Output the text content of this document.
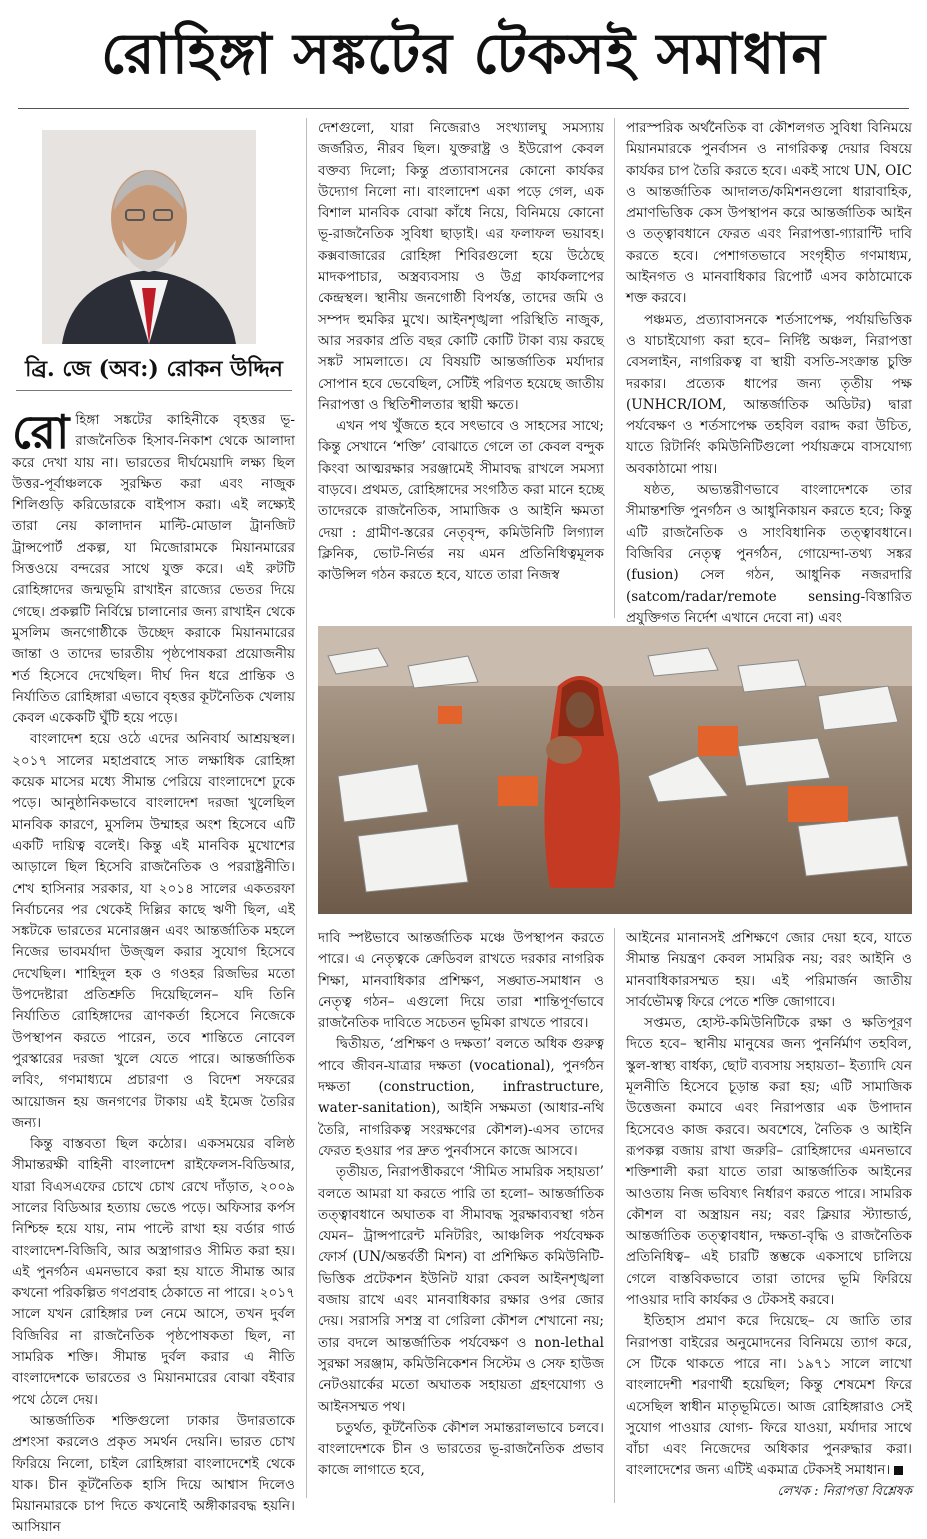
রোহিঙ্গা সঙ্কটের টেকসই সমাধান
ব্রি. জে (অব:) রোকন উদ্দিন

রোহিঙ্গা সঙ্কটের কাহিনীকে বৃহত্তর ভূ-রাজনৈতিক হিসাব-নিকাশ থেকে আলাদা করে দেখা যায় না। ভারতের দীর্ঘমেয়াদি লক্ষ্য ছিল উত্তর-পূর্বাঞ্চলকে সুরক্ষিত করা এবং নাজুক শিলিগুড়ি করিডোরকে বাইপাস করা। এই লক্ষ্যেই তারা নেয় কালাদান মাল্টি-মোডাল ট্রানজিট ট্রান্সপোর্ট প্রকল্প, যা মিজোরামকে মিয়ানমারের সিত্তওয়ে বন্দরের সাথে যুক্ত করে। এই রুটটি রোহিঙ্গাদের জন্মভূমি রাখাইন রাজ্যের ভেতর দিয়ে গেছে। প্রকল্পটি নির্বিঘ্নে চালানোর জন্য রাখাইন থেকে মুসলিম জনগোষ্ঠীকে উচ্ছেদ করাকে মিয়ানমারের জান্তা ও তাদের ভারতীয় পৃষ্ঠপোষকরা প্রয়োজনীয় শর্ত হিসেবে দেখেছিল। দীর্ঘ দিন ধরে প্রান্তিক ও নির্যাতিত রোহিঙ্গারা এভাবে বৃহত্তর কূটনৈতিক খেলায় কেবল একেকটি ঘুঁটি হয়ে পড়ে।

বাংলাদেশ হয়ে ওঠে এদের অনিবার্য আশ্রয়স্থল। ২০১৭ সালের মহাপ্রবাহে সাত লক্ষাধিক রোহিঙ্গা কয়েক মাসের মধ্যে সীমান্ত পেরিয়ে বাংলাদেশে ঢুকে পড়ে। আনুষ্ঠানিকভাবে বাংলাদেশ দরজা খুলেছিল মানবিক কারণে, মুসলিম উম্মাহর অংশ হিসেবে এটি একটি দায়িত্ব বলেই। কিন্তু এই মানবিক মুখোশের আড়ালে ছিল হিসেবি রাজনৈতিক ও পররাষ্ট্রনীতি। শেখ হাসিনার সরকার, যা ২০১৪ সালের একতরফা নির্বাচনের পর থেকেই দিল্লির কাছে ঋণী ছিল, এই সঙ্কটকে ভারতের মনোরঞ্জন এবং আন্তর্জাতিক মহলে নিজের ভাবমর্যাদা উজ্জ্বল করার সুযোগ হিসেবে দেখেছিল। শাহিদুল হক ও গওহর রিজভির মতো উপদেষ্টারা প্রতিশ্রুতি দিয়েছিলেন– যদি তিনি নির্যাতিত রোহিঙ্গাদের ত্রাণকর্তা হিসেবে নিজেকে উপস্থাপন করতে পারেন, তবে শান্তিতে নোবেল পুরস্কারের দরজা খুলে যেতে পারে। আন্তর্জাতিক লবিং, গণমাধ্যমে প্রচারণা ও বিদেশ সফরের আয়োজন হয় জনগণের টাকায় এই ইমেজ তৈরির জন্য।

কিন্তু বাস্তবতা ছিল কঠোর। একসময়ের বলিষ্ঠ সীমান্তরক্ষী বাহিনী বাংলাদেশ রাইফেলস-বিডিআর, যারা বিএসএফের চোখে চোখ রেখে দাঁড়াত, ২০০৯ সালের বিডিআর হত্যায় ভেঙে পড়ে। অফিসার কর্পস নিশ্চিহ্ন হয়ে যায়, নাম পাল্টে রাখা হয় বর্ডার গার্ড বাংলাদেশ-বিজিবি, আর অস্ত্রাগারও সীমিত করা হয়। এই পুনর্গঠন এমনভাবে করা হয় যাতে সীমান্ত আর কখনো পরিকল্পিত গণপ্রবাহ ঠেকাতে না পারে। ২০১৭ সালে যখন রোহিঙ্গার ঢল নেমে আসে, তখন দুর্বল বিজিবির না রাজনৈতিক পৃষ্ঠপোষকতা ছিল, না সামরিক শক্তি। সীমান্ত দুর্বল করার এ নীতি বাংলাদেশকে ভারতের ও মিয়ানমারের বোঝা বইবার পথে ঠেলে দেয়।

আন্তর্জাতিক শক্তিগুলো ঢাকার উদারতাকে প্রশংসা করলেও প্রকৃত সমর্থন দেয়নি। ভারত চোখ ফিরিয়ে নিলো, চাইল রোহিঙ্গারা বাংলাদেশেই থেকে যাক। চীন কূটনৈতিক হাসি দিয়ে আশ্বাস দিলেও মিয়ানমারকে চাপ দিতে কখনোই অঙ্গীকারবদ্ধ হয়নি। আসিয়ান

দেশগুলো, যারা নিজেরাও সংখ্যালঘু সমস্যায় জর্জরিত, নীরব ছিল। যুক্তরাষ্ট্র ও ইউরোপ কেবল বক্তব্য দিলো; কিন্তু প্রত্যাবাসনের কোনো কার্যকর উদ্যোগ নিলো না। বাংলাদেশ একা পড়ে গেল, এক বিশাল মানবিক বোঝা কাঁধে নিয়ে, বিনিময়ে কোনো ভূ-রাজনৈতিক সুবিধা ছাড়াই। এর ফলাফল ভয়াবহ। কক্সবাজারের রোহিঙ্গা শিবিরগুলো হয়ে উঠেছে মাদকপাচার, অস্ত্রব্যবসায় ও উগ্র কার্যকলাপের কেন্দ্রস্থল। স্থানীয় জনগোষ্ঠী বিপর্যস্ত, তাদের জমি ও সম্পদ হুমকির মুখে। আইনশৃঙ্খলা পরিস্থিতি নাজুক, আর সরকার প্রতি বছর কোটি কোটি টাকা ব্যয় করছে সঙ্কট সামলাতে। যে বিষয়টি আন্তর্জাতিক মর্যাদার সোপান হবে ভেবেছিল, সেটিই পরিণত হয়েছে জাতীয় নিরাপত্তা ও স্থিতিশীলতার স্থায়ী ক্ষতে।

এখন পথ খুঁজতে হবে সৎভাবে ও সাহসের সাথে; কিন্তু সেখানে ‘শক্তি’ বোঝাতে গেলে তা কেবল বন্দুক কিংবা আত্মরক্ষার সরঞ্জামেই সীমাবদ্ধ রাখলে সমস্যা বাড়বে। প্রথমত, রোহিঙ্গাদের সংগঠিত করা মানে হচ্ছে তাদেরকে রাজনৈতিক, সামাজিক ও আইনি ক্ষমতা দেয়া : গ্রামীণ-স্তরের নেতৃবৃন্দ, কমিউনিটি লিগ্যাল ক্লিনিক, ভোট-নির্ভর নয় এমন প্রতিনিধিত্বমূলক কাউন্সিল গঠন করতে হবে, যাতে তারা নিজস্ব

পারস্পরিক অর্থনৈতিক বা কৌশলগত সুবিধা বিনিময়ে মিয়ানমারকে পুনর্বাসন ও নাগরিকত্ব দেয়ার বিষয়ে কার্যকর চাপ তৈরি করতে হবে। একই সাথে UN, OIC ও আন্তর্জাতিক আদালত/কমিশনগুলো ধারাবাহিক, প্রমাণভিত্তিক কেস উপস্থাপন করে আন্তর্জাতিক আইন ও তত্ত্বাবধানে ফেরত এবং নিরাপত্তা-গ্যারান্টি দাবি করতে হবে। পেশাগতভাবে সংগৃহীত গণমাধ্যম, আইনগত ও মানবাধিকার রিপোর্ট এসব কাঠামোকে শক্ত করবে।

পঞ্চমত, প্রত্যাবাসনকে শর্তসাপেক্ষ, পর্যায়ভিত্তিক ও যাচাইযোগ্য করা হবে– নির্দিষ্ট অঞ্চল, নিরাপত্তা বেসলাইন, নাগরিকত্ব বা স্থায়ী বসতি-সংক্রান্ত চুক্তি দরকার। প্রত্যেক ধাপের জন্য তৃতীয় পক্ষ (UNHCR/IOM, আন্তর্জাতিক অডিটর) দ্বারা পর্যবেক্ষণ ও শর্তসাপেক্ষ তহবিল বরাদ্দ করা উচিত, যাতে রিটার্নিং কমিউনিটিগুলো পর্যায়ক্রমে বাসযোগ্য অবকাঠামো পায়।

ষষ্ঠত, অভ্যন্তরীণভাবে বাংলাদেশকে তার সীমান্তশক্তি পুনর্গঠন ও আধুনিকায়ন করতে হবে; কিন্তু এটি রাজনৈতিক ও সাংবিধানিক তত্ত্বাবধানে। বিজিবির নেতৃত্ব পুনর্গঠন, গোয়েন্দা-তথ্য সঙ্কর (fusion) সেল গঠন, আধুনিক নজরদারি (satcom/radar/remote sensing-বিস্তারিত প্রযুক্তিগত নির্দেশ এখানে দেবো না) এবং

দাবি স্পষ্টভাবে আন্তর্জাতিক মঞ্চে উপস্থাপন করতে পারে। এ নেতৃত্বকে ক্রেডিবল রাখতে দরকার নাগরিক শিক্ষা, মানবাধিকার প্রশিক্ষণ, সঙ্ঘাত-সমাধান ও নেতৃত্ব গঠন– এগুলো দিয়ে তারা শান্তিপূর্ণভাবে রাজনৈতিক দাবিতে সচেতন ভূমিকা রাখতে পারবে।

দ্বিতীয়ত, ‘প্রশিক্ষণ ও দক্ষতা’ বলতে অধিক গুরুত্ব পাবে জীবন-যাত্রার দক্ষতা (vocational), পুনর্গঠন দক্ষতা (construction, infrastructure, water-sanitation), আইনি সক্ষমতা (আধার-নথি তৈরি, নাগরিকত্ব সংরক্ষণের কৌশল)-এসব তাদের ফেরত হওয়ার পর দ্রুত পুনর্বাসনে কাজে আসবে।

তৃতীয়ত, নিরাপত্তীকরণে ‘সীমিত সামরিক সহায়তা’ বলতে আমরা যা করতে পারি তা হলো– আন্তর্জাতিক তত্ত্বাবধানে অঘাতক বা সীমাবদ্ধ সুরক্ষাব্যবস্থা গঠন যেমন– ট্রান্সপারেন্ট মনিটরিং, আঞ্চলিক পর্যবেক্ষক ফোর্স (UN/অন্তর্বর্তী মিশন) বা প্রশিক্ষিত কমিউনিটি-ভিত্তিক প্রটেকশন ইউনিট যারা কেবল আইনশৃঙ্খলা বজায় রাখে এবং মানবাধিকার রক্ষার ওপর জোর দেয়। সরাসরি সশস্ত্র বা গেরিলা কৌশল শেখানো নয়; তার বদলে আন্তর্জাতিক পর্যবেক্ষণ ও non-lethal সুরক্ষা সরঞ্জাম, কমিউনিকেশন সিস্টেম ও সেফ হাউজ নেটওয়ার্কের মতো অঘাতক সহায়তা গ্রহণযোগ্য ও আইনসম্মত পথ।

চতুর্থত, কূটনৈতিক কৌশল সমান্তরালভাবে চলবে। বাংলাদেশকে চীন ও ভারতের ভূ-রাজনৈতিক প্রভাব কাজে লাগাতে হবে,

আইনের মানানসই প্রশিক্ষণে জোর দেয়া হবে, যাতে সীমান্ত নিয়ন্ত্রণ কেবল সামরিক নয়; বরং আইনি ও মানবাধিকারসম্মত হয়। এই পরিমার্জন জাতীয় সার্বভৌমত্ব ফিরে পেতে শক্তি জোগাবে।

সপ্তমত, হোস্ট-কমিউনিটিকে রক্ষা ও ক্ষতিপূরণ দিতে হবে– স্থানীয় মানুষের জন্য পুনর্নির্মাণ তহবিল, স্কুল-স্বাস্থ্য বার্ধক্য, ছোট ব্যবসায় সহায়তা– ইত্যাদি যেন মূলনীতি হিসেবে চূড়ান্ত করা হয়; এটি সামাজিক উত্তেজনা কমাবে এবং নিরাপত্তার এক উপাদান হিসেবেও কাজ করবে। অবশেষে, নৈতিক ও আইনি রূপকল্প বজায় রাখা জরুরি– রোহিঙ্গাদের এমনভাবে শক্তিশালী করা যাতে তারা আন্তর্জাতিক আইনের আওতায় নিজ ভবিষ্যৎ নির্ধারণ করতে পারে। সামরিক কৌশল বা অস্ত্রায়ন নয়; বরং ক্লিয়ার স্ট্যান্ডার্ড, আন্তর্জাতিক তত্ত্বাবধান, দক্ষতা-বৃদ্ধি ও রাজনৈতিক প্রতিনিধিত্ব– এই চারটি স্তম্ভকে একসাথে চালিয়ে গেলে বাস্তবিকভাবে তারা তাদের ভূমি ফিরিয়ে পাওয়ার দাবি কার্যকর ও টেকসই করবে।

ইতিহাস প্রমাণ করে দিয়েছে– যে জাতি তার নিরাপত্তা বাইরের অনুমোদনের বিনিময়ে ত্যাগ করে, সে টিকে থাকতে পারে না। ১৯৭১ সালে লাখো বাংলাদেশী শরণার্থী হয়েছিল; কিন্তু শেষমেশ ফিরে এসেছিল স্বাধীন মাতৃভূমিতে। আজ রোহিঙ্গারাও সেই সুযোগ পাওয়ার যোগ্য- ফিরে যাওয়া, মর্যাদার সাথে বাঁচা এবং নিজেদের অধিকার পুনরুদ্ধার করা। বাংলাদেশের জন্য এটিই একমাত্র টেকসই সমাধান।

লেখক : নিরাপত্তা বিশ্লেষক
